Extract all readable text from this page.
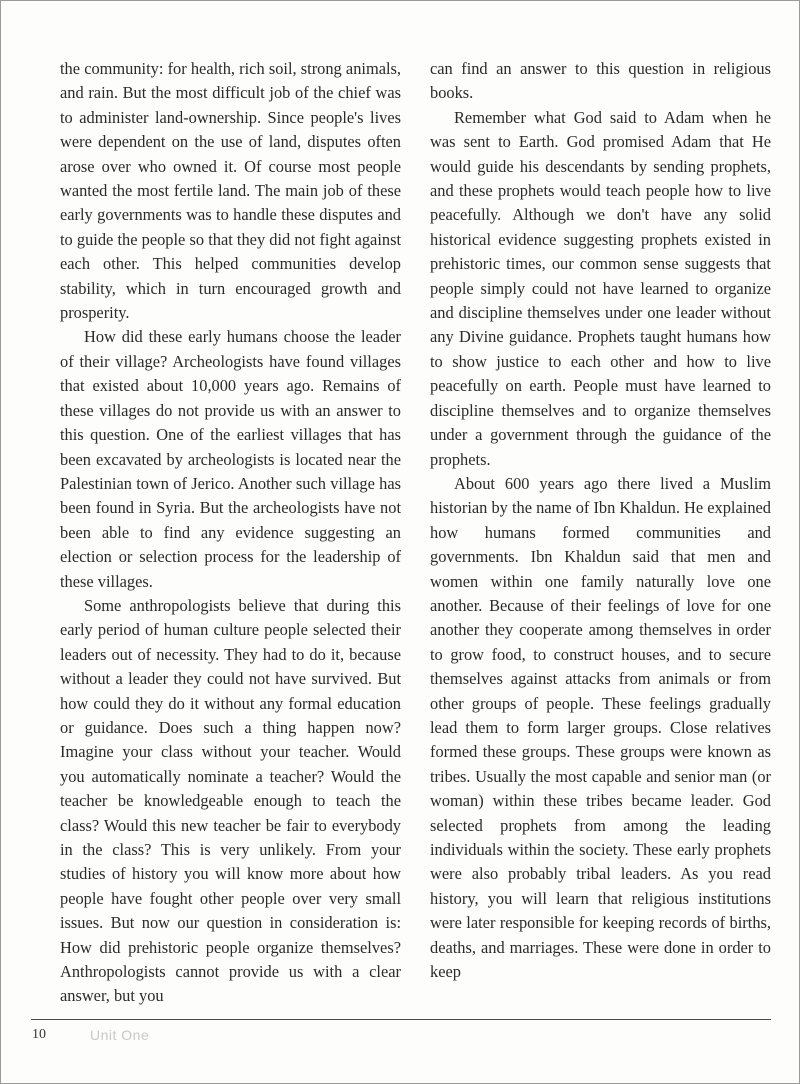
the community: for health, rich soil, strong animals, and rain. But the most difficult job of the chief was to administer land-ownership. Since people's lives were dependent on the use of land, disputes often arose over who owned it. Of course most people wanted the most fertile land. The main job of these early governments was to handle these disputes and to guide the people so that they did not fight against each other. This helped communities develop stability, which in turn encouraged growth and prosperity.

How did these early humans choose the leader of their village? Archeologists have found villages that existed about 10,000 years ago. Remains of these villages do not provide us with an answer to this question. One of the earliest villages that has been excavated by archeologists is located near the Palestinian town of Jerico. Another such village has been found in Syria. But the archeologists have not been able to find any evidence suggesting an election or selection process for the leadership of these villages.

Some anthropologists believe that during this early period of human culture people selected their leaders out of necessity. They had to do it, because without a leader they could not have survived. But how could they do it without any formal education or guidance. Does such a thing happen now? Imagine your class without your teacher. Would you automatically nominate a teacher? Would the teacher be knowledgeable enough to teach the class? Would this new teacher be fair to everybody in the class? This is very unlikely. From your studies of history you will know more about how people have fought other people over very small issues. But now our question in consideration is: How did prehistoric people organize themselves? Anthropologists cannot provide us with a clear answer, but you

can find an answer to this question in religious books.

Remember what God said to Adam when he was sent to Earth. God promised Adam that He would guide his descendants by sending prophets, and these prophets would teach people how to live peacefully. Although we don't have any solid historical evidence suggesting prophets existed in prehistoric times, our common sense suggests that people simply could not have learned to organize and discipline themselves under one leader without any Divine guidance. Prophets taught humans how to show justice to each other and how to live peacefully on earth. People must have learned to discipline themselves and to organize themselves under a government through the guidance of the prophets.

About 600 years ago there lived a Muslim historian by the name of Ibn Khaldun. He explained how humans formed communities and governments. Ibn Khaldun said that men and women within one family naturally love one another. Because of their feelings of love for one another they cooperate among themselves in order to grow food, to construct houses, and to secure themselves against attacks from animals or from other groups of people. These feelings gradually lead them to form larger groups. Close relatives formed these groups. These groups were known as tribes. Usually the most capable and senior man (or woman) within these tribes became leader. God selected prophets from among the leading individuals within the society. These early prophets were also probably tribal leaders. As you read history, you will learn that religious institutions were later responsible for keeping records of births, deaths, and marriages. These were done in order to keep

10	Unit One
